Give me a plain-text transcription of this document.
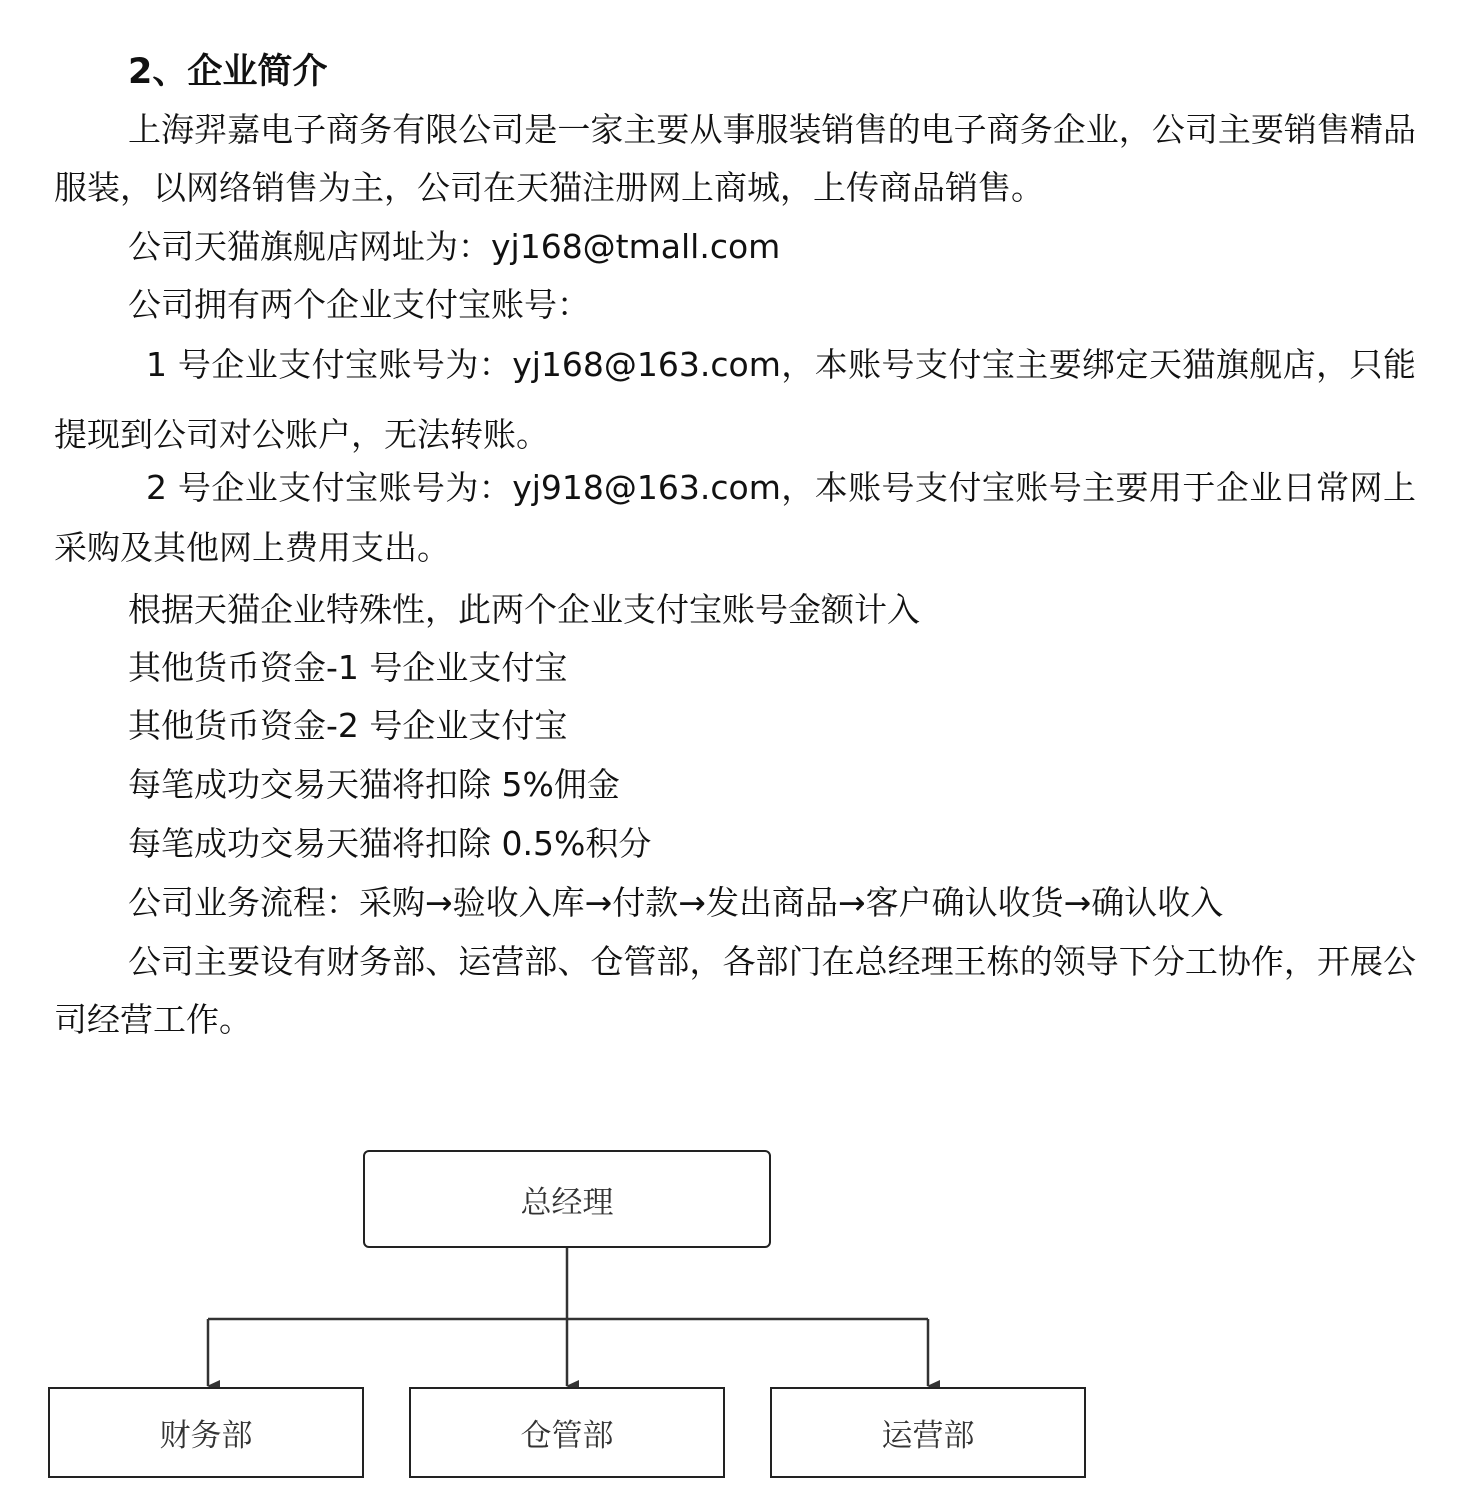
2、企业简介

上海羿嘉电子商务有限公司是一家主要从事服装销售的电子商务企业，公司主要销售精品服装，以网络销售为主，公司在天猫注册网上商城，上传商品销售。

公司天猫旗舰店网址为：yj168@tmall.com
公司拥有两个企业支付宝账号：

1 号企业支付宝账号为：yj168@163.com，本账号支付宝主要绑定天猫旗舰店，只能提现到公司对公账户，无法转账。

2 号企业支付宝账号为：yj918@163.com，本账号支付宝账号主要用于企业日常网上采购及其他网上费用支出。

根据天猫企业特殊性，此两个企业支付宝账号金额计入
其他货币资金-1 号企业支付宝
其他货币资金-2 号企业支付宝
每笔成功交易天猫将扣除 5%佣金
每笔成功交易天猫将扣除 0.5%积分
公司业务流程：采购→验收入库→付款→发出商品→客户确认收货→确认收入

公司主要设有财务部、运营部、仓管部，各部门在总经理王栋的领导下分工协作，开展公司经营工作。

总经理
财务部	仓管部	运营部
